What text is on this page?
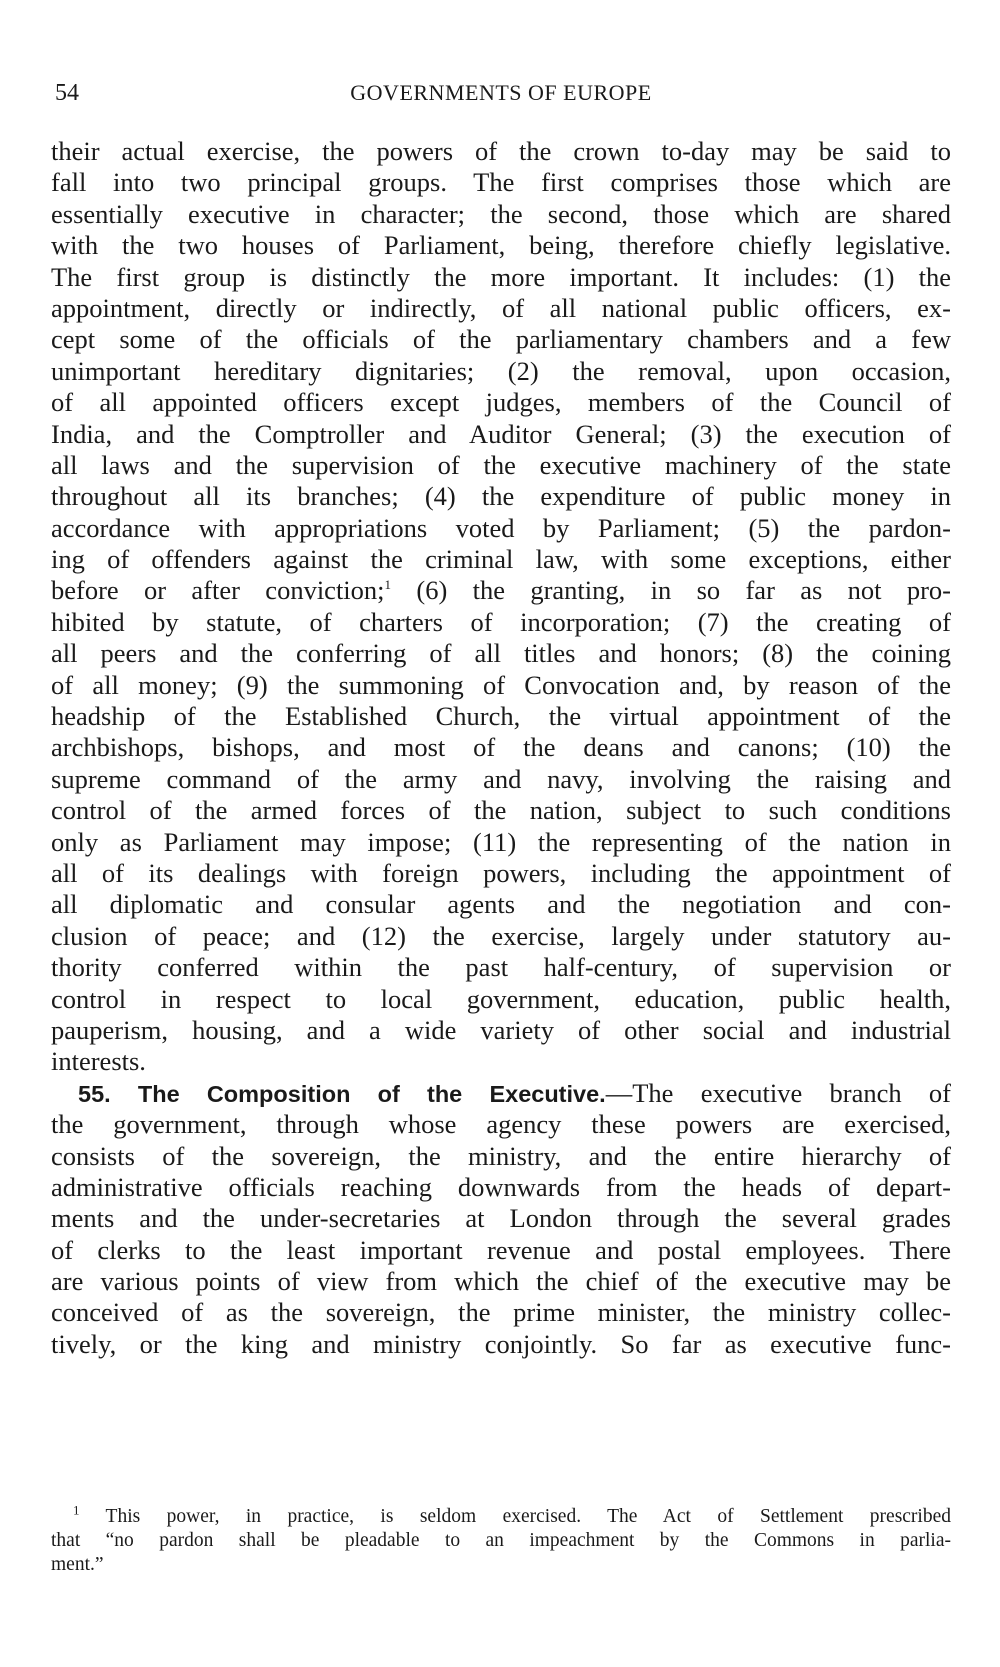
54	GOVERNMENTS OF EUROPE
their actual exercise, the powers of the crown to-day may be said to
fall into two principal groups. The first comprises those which are
essentially executive in character; the second, those which are shared
with the two houses of Parliament, being, therefore chiefly legislative.
The first group is distinctly the more important. It includes: (1) the
appointment, directly or indirectly, of all national public officers, ex-
cept some of the officials of the parliamentary chambers and a few
unimportant hereditary dignitaries; (2) the removal, upon occasion,
of all appointed officers except judges, members of the Council of
India, and the Comptroller and Auditor General; (3) the execution of
all laws and the supervision of the executive machinery of the state
throughout all its branches; (4) the expenditure of public money in
accordance with appropriations voted by Parliament; (5) the pardon-
ing of offenders against the criminal law, with some exceptions, either
before or after conviction;$^1$ (6) the granting, in so far as not pro-
hibited by statute, of charters of incorporation; (7) the creating of
all peers and the conferring of all titles and honors; (8) the coining
of all money; (9) the summoning of Convocation and, by reason of the
headship of the Established Church, the virtual appointment of the
archbishops, bishops, and most of the deans and canons; (10) the
supreme command of the army and navy, involving the raising and
control of the armed forces of the nation, subject to such conditions
only as Parliament may impose; (11) the representing of the nation in
all of its dealings with foreign powers, including the appointment of
all diplomatic and consular agents and the negotiation and con-
clusion of peace; and (12) the exercise, largely under statutory au-
thority conferred within the past half-century, of supervision or
control in respect to local government, education, public health,
pauperism, housing, and a wide variety of other social and industrial
interests.
55. The Composition of the Executive.—The executive branch of
the government, through whose agency these powers are exercised,
consists of the sovereign, the ministry, and the entire hierarchy of
administrative officials reaching downwards from the heads of depart-
ments and the under-secretaries at London through the several grades
of clerks to the least important revenue and postal employees. There
are various points of view from which the chief of the executive may be
conceived of as the sovereign, the prime minister, the ministry collec-
tively, or the king and ministry conjointly. So far as executive func-
$^1$ This power, in practice, is seldom exercised. The Act of Settlement prescribed
that “no pardon shall be pleadable to an impeachment by the Commons in parlia-
ment.”
